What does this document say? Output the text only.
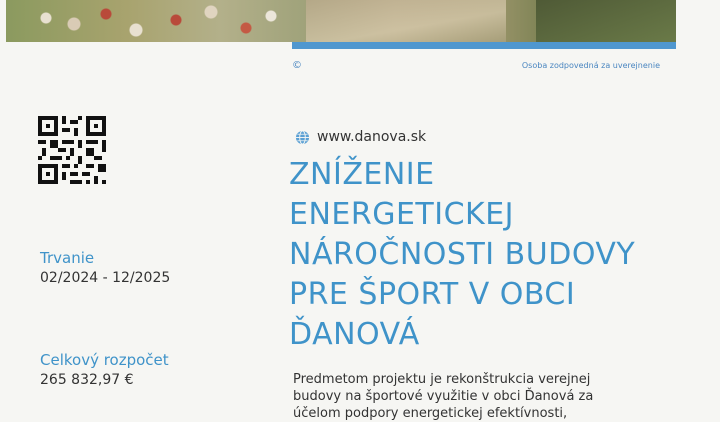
©	Osoba zodpovedná za uverejnenie
Trvanie
02/2024 - 12/2025
Celkový rozpočet
265 832,97 €
www.danova.sk
ZNÍŽENIE
ENERGETICKEJ
NÁROČNOSTI BUDOVY
PRE ŠPORT V OBCI
ĎANOVÁ
Predmetom projektu je rekonštrukcia verejnej
budovy na športové využitie v obci Ďanová za
účelom podpory energetickej efektívnosti,
